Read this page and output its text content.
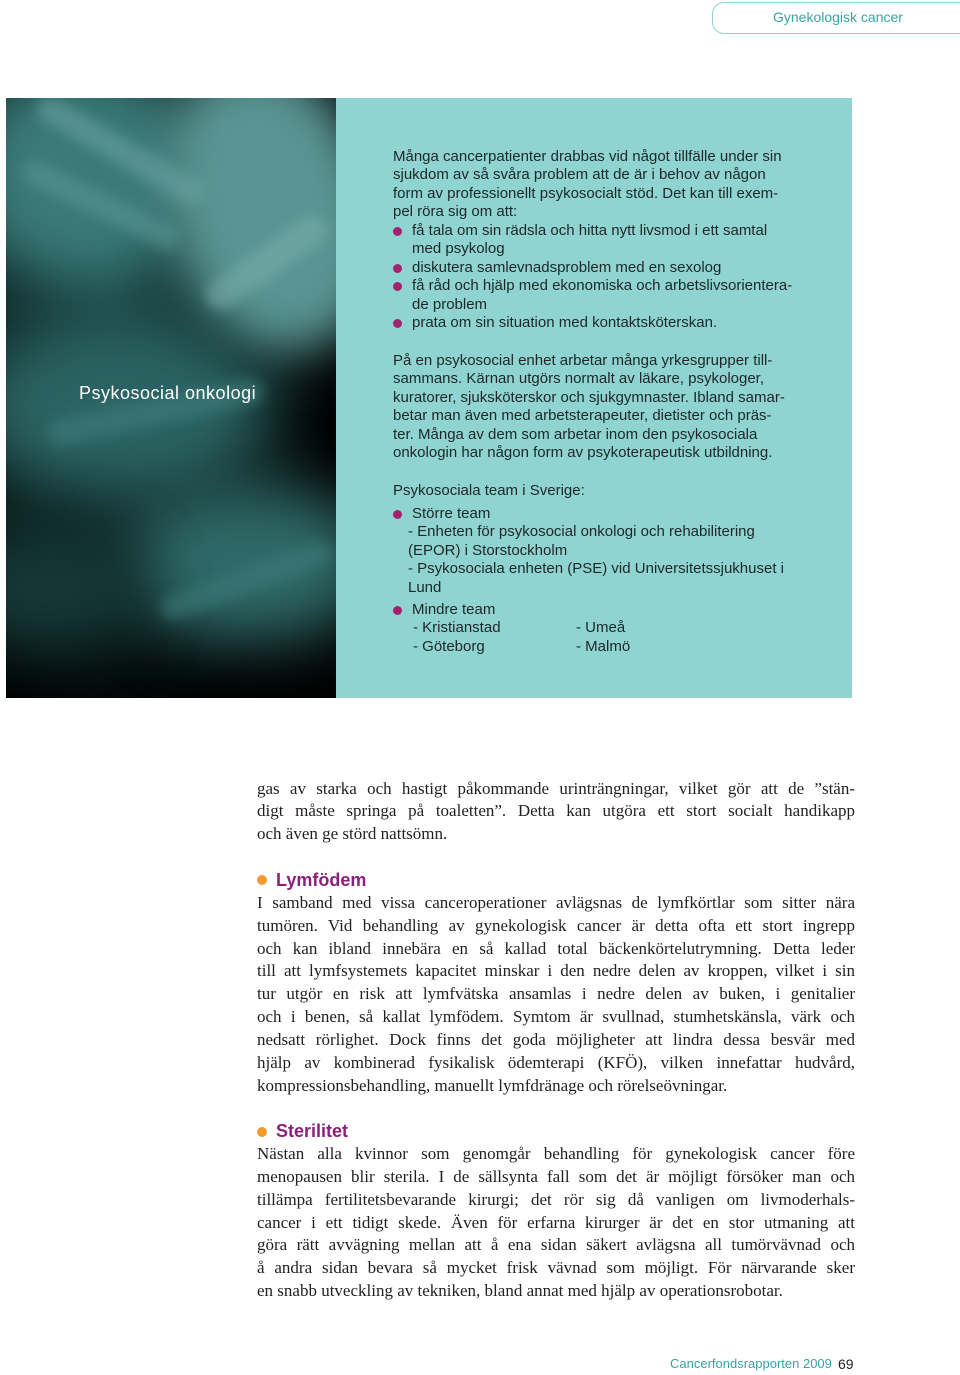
Gynekologisk cancer
Psykosocial onkologi
Många cancerpatienter drabbas vid något tillfälle under sin
sjukdom av så svåra problem att de är i behov av någon
form av professionellt psykosocialt stöd. Det kan till exem-
pel röra sig om att:
få tala om sin rädsla och hitta nytt livsmod i ett samtal
med psykolog
diskutera samlevnadsproblem med en sexolog
få råd och hjälp med ekonomiska och arbetslivsorientera-
de problem
prata om sin situation med kontaktsköterskan.
På en psykosocial enhet arbetar många yrkesgrupper till-
sammans. Kärnan utgörs normalt av läkare, psykologer,
kuratorer, sjuksköterskor och sjukgymnaster. Ibland samar-
betar man även med arbetsterapeuter, dietister och präs-
ter. Många av dem som arbetar inom den psykosociala
onkologin har någon form av psykoterapeutisk utbildning.
Psykosociala team i Sverige:
Större team
- Enheten för psykosocial onkologi och rehabilitering
(EPOR) i Storstockholm
- Psykosociala enheten (PSE) vid Universitetssjukhuset i
Lund
Mindre team
- Kristianstad	- Umeå
- Göteborg	- Malmö
gas av starka och hastigt påkommande urinträngningar, vilket gör att de ”stän-
digt måste springa på toaletten”. Detta kan utgöra ett stort socialt handikapp
och även ge störd nattsömn.
Lymfödem
I samband med vissa canceroperationer avlägsnas de lymfkörtlar som sitter nära
tumören. Vid behandling av gynekologisk cancer är detta ofta ett stort ingrepp
och kan ibland innebära en så kallad total bäckenkörtelutrymning. Detta leder
till att lymfsystemets kapacitet minskar i den nedre delen av kroppen, vilket i sin
tur utgör en risk att lymfvätska ansamlas i nedre delen av buken, i genitalier
och i benen, så kallat lymfödem. Symtom är svullnad, stumhetskänsla, värk och
nedsatt rörlighet. Dock finns det goda möjligheter att lindra dessa besvär med
hjälp av kombinerad fysikalisk ödemterapi (KFÖ), vilken innefattar hudvård,
kompressionsbehandling, manuellt lymfdränage och rörelseövningar.
Sterilitet
Nästan alla kvinnor som genomgår behandling för gynekologisk cancer före
menopausen blir sterila. I de sällsynta fall som det är möjligt försöker man och
tillämpa fertilitetsbevarande kirurgi; det rör sig då vanligen om livmoderhals-
cancer i ett tidigt skede. Även för erfarna kirurger är det en stor utmaning att
göra rätt avvägning mellan att å ena sidan säkert avlägsna all tumörvävnad och
å andra sidan bevara så mycket frisk vävnad som möjligt. För närvarande sker
en snabb utveckling av tekniken, bland annat med hjälp av operationsrobotar.
Cancerfondsrapporten 2009 69
